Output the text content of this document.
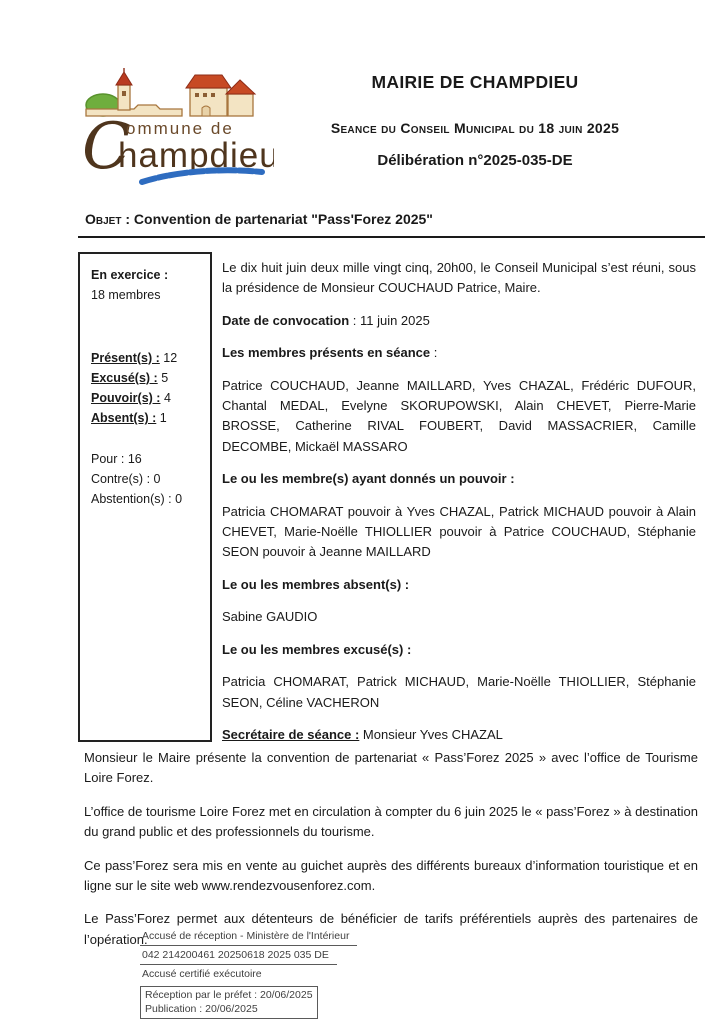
C
ommune de
hampdieu
MAIRIE DE CHAMPDIEU
Seance du Conseil Municipal du 18 juin 2025
Délibération n°2025-035-DE
Objet : Convention de partenariat "Pass'Forez 2025"
En exercice :
18 membres
Présent(s) : 12
Excusé(s) : 5
Pouvoir(s) : 4
Absent(s) : 1
Pour : 16
Contre(s) : 0
Abstention(s) : 0

Le dix huit juin deux mille vingt cinq, 20h00, le Conseil Municipal s’est réuni, sous la présidence de Monsieur COUCHAUD Patrice, Maire.

Date de convocation : 11 juin 2025

Les membres présents en séance :

Patrice COUCHAUD, Jeanne MAILLARD, Yves CHAZAL, Frédéric DUFOUR, Chantal MEDAL, Evelyne SKORUPOWSKI, Alain CHEVET, Pierre-Marie BROSSE, Catherine RIVAL FOUBERT, David MASSACRIER, Camille DECOMBE, Mickaël MASSARO

Le ou les membre(s) ayant donnés un pouvoir :

Patricia CHOMARAT pouvoir à Yves CHAZAL, Patrick MICHAUD pouvoir à Alain CHEVET, Marie-Noëlle THIOLLIER pouvoir à Patrice COUCHAUD, Stéphanie SEON pouvoir à Jeanne MAILLARD

Le ou les membres absent(s) :

Sabine GAUDIO

Le ou les membres excusé(s) :

Patricia CHOMARAT, Patrick MICHAUD, Marie-Noëlle THIOLLIER, Stéphanie SEON, Céline VACHERON

Secrétaire de séance : Monsieur Yves CHAZAL

Monsieur le Maire présente la convention de partenariat « Pass’Forez 2025 » avec l’office de Tourisme Loire Forez.

L’office de tourisme Loire Forez met en circulation à compter du 6 juin 2025 le « pass’Forez » à destination du grand public et des professionnels du tourisme.

Ce pass’Forez sera mis en vente au guichet auprès des différents bureaux d’information touristique et en ligne sur le site web www.rendezvousenforez.com.

Le Pass’Forez permet aux détenteurs de bénéficier de tarifs préférentiels auprès des partenaires de l’opération.

Accusé de réception - Ministère de l'Intérieur
042 214200461 20250618 2025 035 DE
Accusé certifié exécutoire
Réception par le préfet : 20/06/2025
Publication : 20/06/2025
